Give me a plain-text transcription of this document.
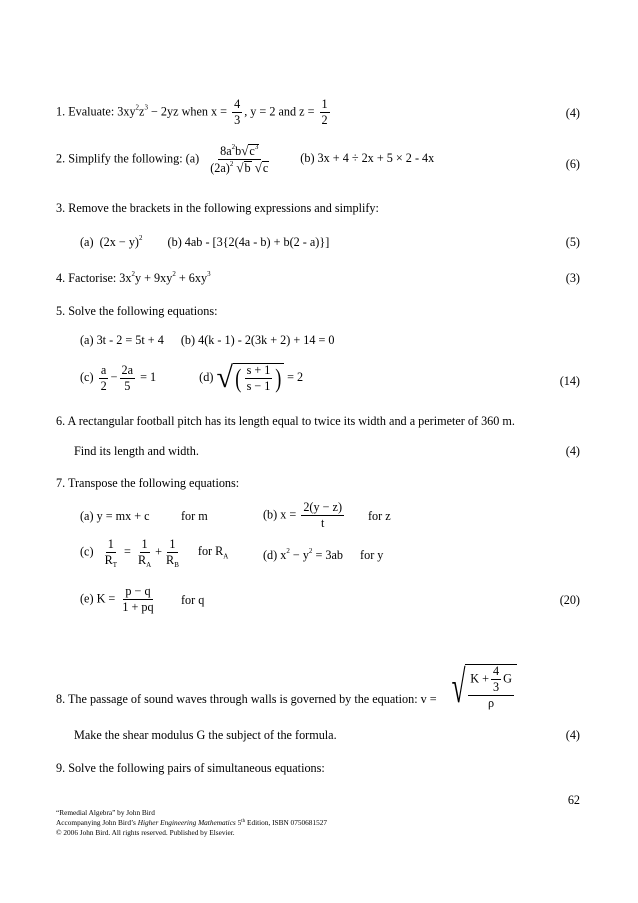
1. Evaluate: $3xy^2z^3 - 2yz$ when $x = \frac{4}{3}$ , y = 2 and $z = \frac{1}{2}$	(4)
2. Simplify the following: $(a) \frac{8a^2b√c^3}{(2a)^2 √b √c} (b) 3x + 4 \div 2x + 5 \times 2 - 4x$	(6)
3. Remove the brackets in the following expressions and simplify:
(a) $(2x - y)^2$ (b) 4ab - [3{2(4a - b) + b(2 - a)}]	(5)
4. Factorise: $3x^2y + 9xy^2 + 6xy^3$	(3)
5. Solve the following equations:
(a) 3t - 2 = 5t + 4 (b) 4(k - 1) - 2(3k + 2) + 14 = 0
$(c) \frac{a}{2} - \frac{2a}{5} = 1$	(d) √( $\frac{s + 1}{s - 1}$ ) = 2	(14)
6. A rectangular football pitch has its length equal to twice its width and a perimeter of 360 m.
Find its length and width.	(4)
7. Transpose the following equations:
(a) y = mx + c	for m	(b) $x = \frac{2(y - z)}{t}$ for z
$(c) \frac{1}{R_T} = \frac{1}{R_A} + \frac{1}{R_B}$ for $R_A$	(d) $x^2 - y^2 = 3ab$ for y
(e) $K = \frac{p - q}{1 + pq}$ for q	(20)
8. The passage of sound waves through walls is governed by the equation: v = √ $\frac{K + \frac{4}{3} G}{\rho}$
Make the shear modulus G the subject of the formula.	(4)
9. Solve the following pairs of simultaneous equations:
62
“Remedial Algebra” by John Bird
Accompanying John Bird’s Higher Engineering Mathematics 5th Edition, ISBN 0750681527
© 2006 John Bird. All rights reserved. Published by Elsevier.
